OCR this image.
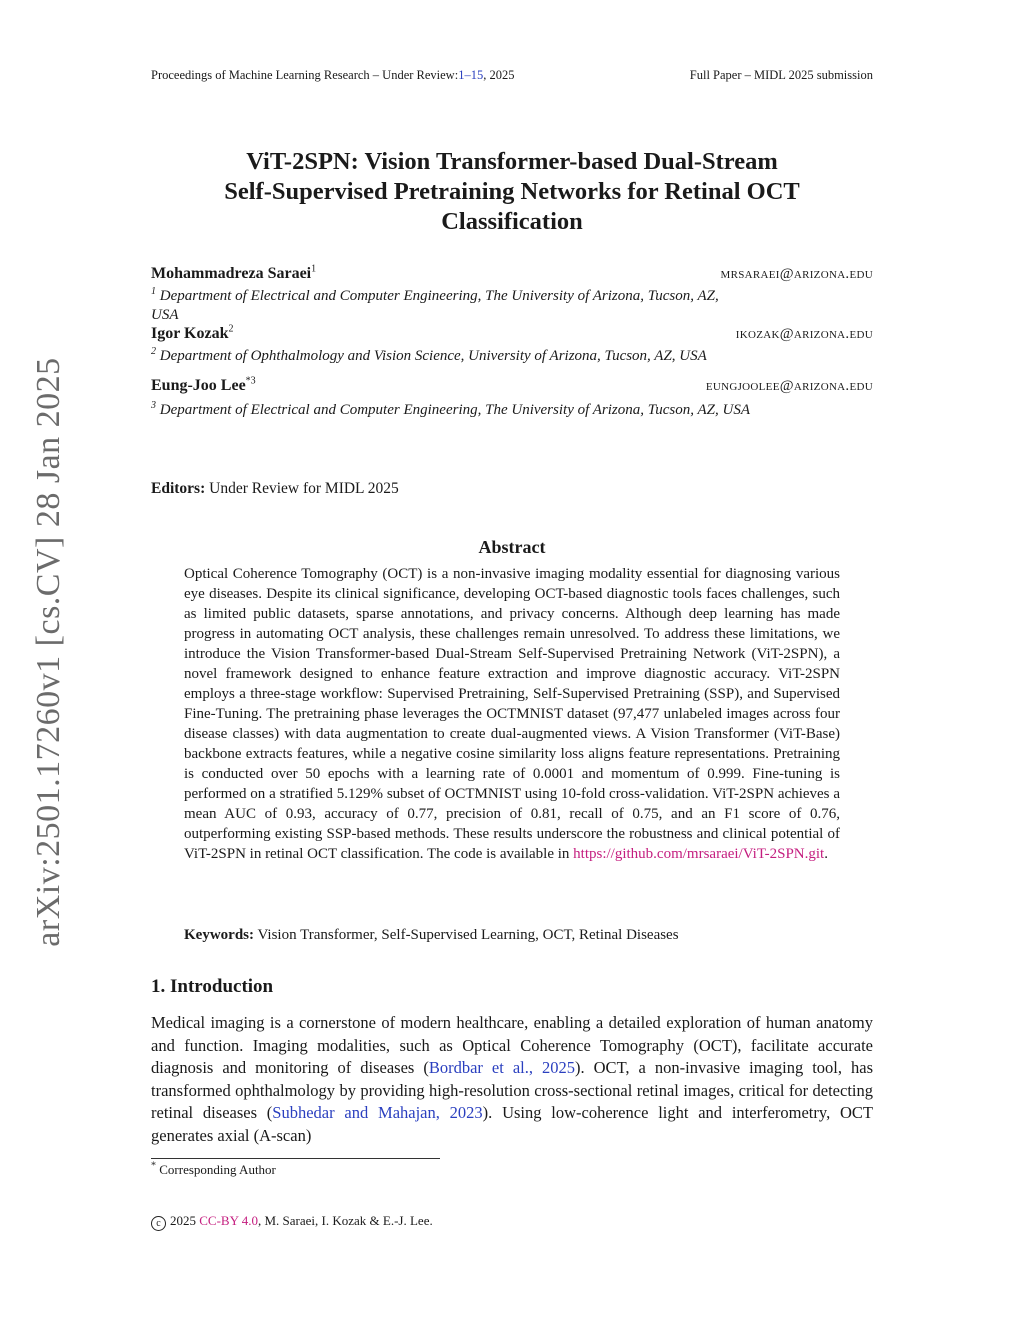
Proceedings of Machine Learning Research – Under Review:1–15, 2025	Full Paper – MIDL 2025 submission
arXiv:2501.17260v1 [cs.CV] 28 Jan 2025

ViT-2SPN: Vision Transformer-based Dual-Stream

Self-Supervised Pretraining Networks for Retinal OCT

Classification

Mohammadreza Saraei$^1$	mrsaraei@arizona.edu
$^1$ Department of Electrical and Computer Engineering, The University of Arizona, Tucson, AZ,
USA
Igor Kozak$^2$	ikozak@arizona.edu
$^2$ Department of Ophthalmology and Vision Science, University of Arizona, Tucson, AZ, USA
Eung-Joo Lee$^{*3}$	eungjoolee@arizona.edu
$^3$ Department of Electrical and Computer Engineering, The University of Arizona, Tucson, AZ, USA
Editors: Under Review for MIDL 2025
Abstract
Optical Coherence Tomography (OCT) is a non-invasive imaging modality essential for diagnosing various eye diseases. Despite its clinical significance, developing OCT-based diagnostic tools faces challenges, such as limited public datasets, sparse annotations, and privacy concerns. Although deep learning has made progress in automating OCT analysis, these challenges remain unresolved. To address these limitations, we introduce the Vision Transformer-based Dual-Stream Self-Supervised Pretraining Network (ViT-2SPN), a novel framework designed to enhance feature extraction and improve diagnostic accuracy. ViT-2SPN employs a three-stage workflow: Supervised Pretraining, Self-Supervised Pretraining (SSP), and Supervised Fine-Tuning. The pretraining phase leverages the OCTMNIST dataset (97,477 unlabeled images across four disease classes) with data augmentation to create dual-augmented views. A Vision Transformer (ViT-Base) backbone extracts features, while a negative cosine similarity loss aligns feature representations. Pretraining is conducted over 50 epochs with a learning rate of 0.0001 and momentum of 0.999. Fine-tuning is performed on a stratified 5.129% subset of OCTMNIST using 10-fold cross-validation. ViT-2SPN achieves a mean AUC of 0.93, accuracy of 0.77, precision of 0.81, recall of 0.75, and an F1 score of 0.76, outperforming existing SSP-based methods. These results underscore the robustness and clinical potential of ViT-2SPN in retinal OCT classification. The code is available in https://github.com/mrsaraei/ViT-2SPN.git.
Keywords: Vision Transformer, Self-Supervised Learning, OCT, Retinal Diseases
1. Introduction
Medical imaging is a cornerstone of modern healthcare, enabling a detailed exploration of human anatomy and function. Imaging modalities, such as Optical Coherence Tomography (OCT), facilitate accurate diagnosis and monitoring of diseases (Bordbar et al., 2025). OCT, a non-invasive imaging tool, has transformed ophthalmology by providing high-resolution cross-sectional retinal images, critical for detecting retinal diseases (Subhedar and Mahajan, 2023). Using low-coherence light and interferometry, OCT generates axial (A-scan)
* Corresponding Author
c 2025 CC-BY 4.0, M. Saraei, I. Kozak & E.-J. Lee.
